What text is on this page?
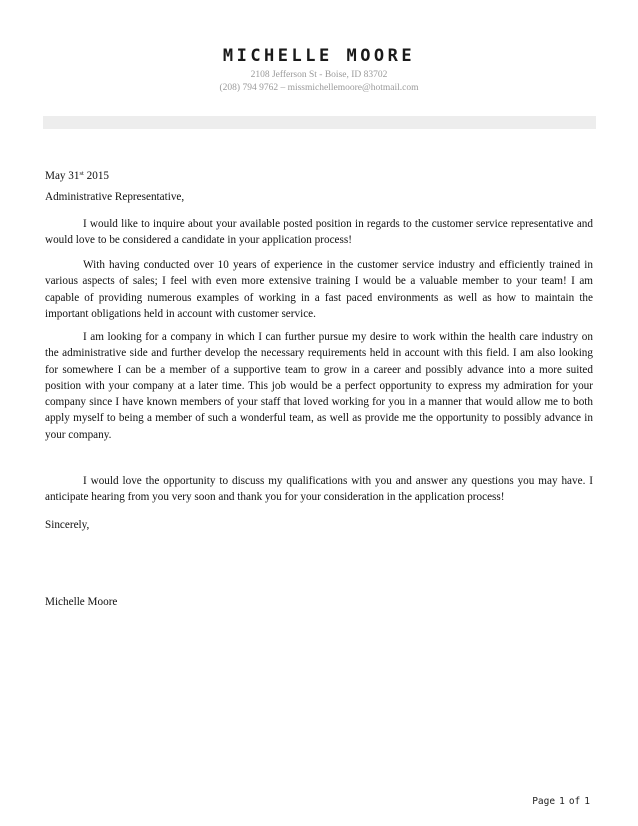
MICHELLE MOORE
2108 Jefferson St - Boise, ID 83702
(208) 794 9762 – missmichellemoore@hotmail.com
May 31st 2015
Administrative Representative,

I would like to inquire about your available posted position in regards to the customer service representative and would love to be considered a candidate in your application process!

With having conducted over 10 years of experience in the customer service industry and efficiently trained in various aspects of sales; I feel with even more extensive training I would be a valuable member to your team! I am capable of providing numerous examples of working in a fast paced environments as well as how to maintain the important obligations held in account with customer service.

I am looking for a company in which I can further pursue my desire to work within the health care industry on the administrative side and further develop the necessary requirements held in account with this field. I am also looking for somewhere I can be a member of a supportive team to grow in a career and possibly advance into a more suited position with your company at a later time. This job would be a perfect opportunity to express my admiration for your company since I have known members of your staff that loved working for you in a manner that would allow me to both apply myself to being a member of such a wonderful team, as well as provide me the opportunity to possibly advance in your company.

I would love the opportunity to discuss my qualifications with you and answer any questions you may have. I anticipate hearing from you very soon and thank you for your consideration in the application process!

Sincerely,
Michelle Moore
Page 1 of 1
